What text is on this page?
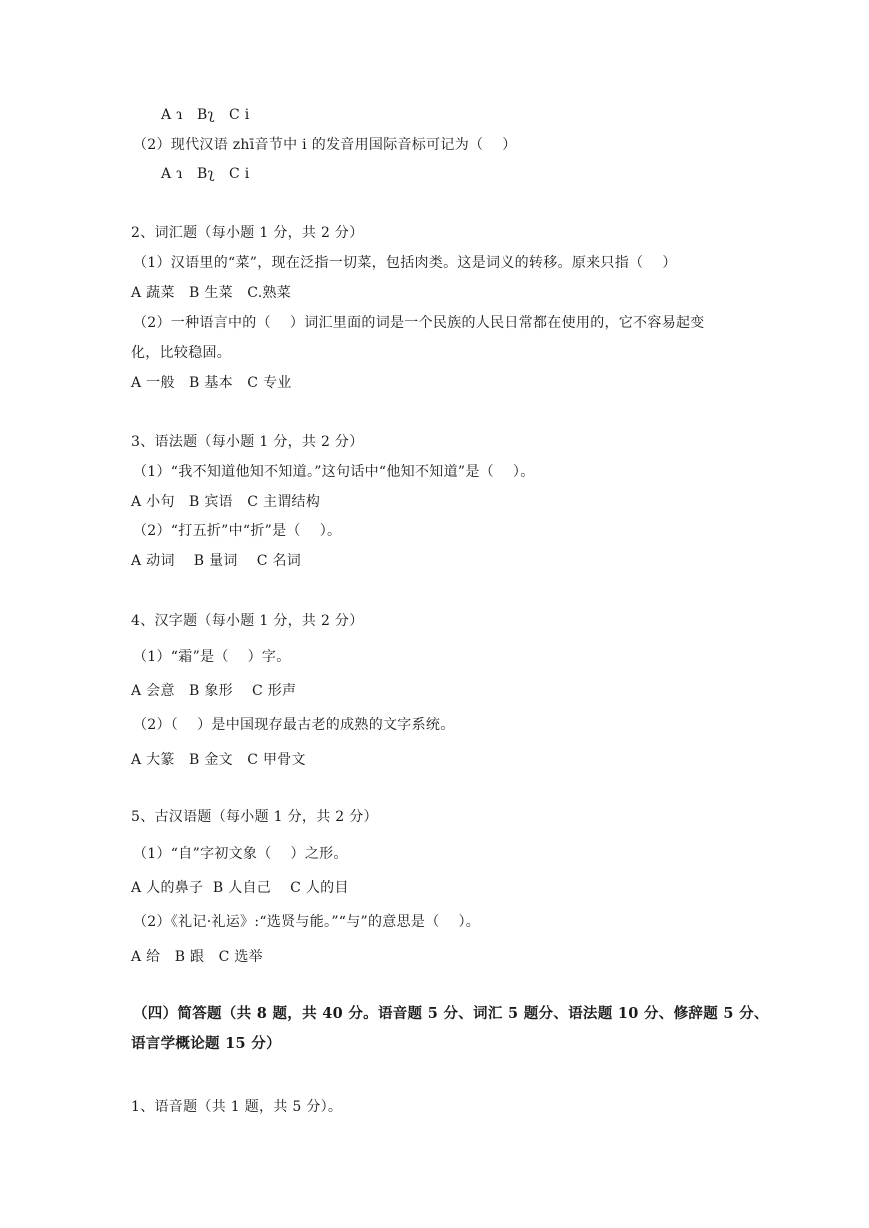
A ɿ   Bʅ   C i
（2）现代汉语 zhī音节中 i 的发音用国际音标可记为（    ）
A ɿ   Bʅ   C i
2、词汇题（每小题 1 分，共 2 分）
（1）汉语里的“菜”，现在泛指一切菜，包括肉类。这是词义的转移。原来只指（    ）
A 蔬菜   B 生菜   C.熟菜
（2）一种语言中的（    ）词汇里面的词是一个民族的人民日常都在使用的，它不容易起变
化，比较稳固。
A 一般   B 基本   C 专业
3、语法题（每小题 1 分，共 2 分）
（1）“我不知道他知不知道。”这句话中“他知不知道”是（    ）。
A 小句   B 宾语   C 主谓结构
（2）“打五折”中“折”是（    ）。
A 动词    B 量词    C 名词
4、汉字题（每小题 1 分，共 2 分）
（1）“霜”是（    ）字。
A 会意   B 象形    C 形声
（2）（    ）是中国现存最古老的成熟的文字系统。
A 大篆   B 金文   C 甲骨文
5、古汉语题（每小题 1 分，共 2 分）
（1）“自”字初文象（    ）之形。
A 人的鼻子  B 人自己    C 人的目
（2）《礼记·礼运》:“选贤与能。”“与”的意思是（    ）。
A 给   B 跟   C 选举
（四）简答题（共 8 题，共 40 分。语音题 5 分、词汇 5 题分、语法题 10 分、修辞题 5 分、
语言学概论题 15 分）
1、语音题（共 1 题，共 5 分）。
